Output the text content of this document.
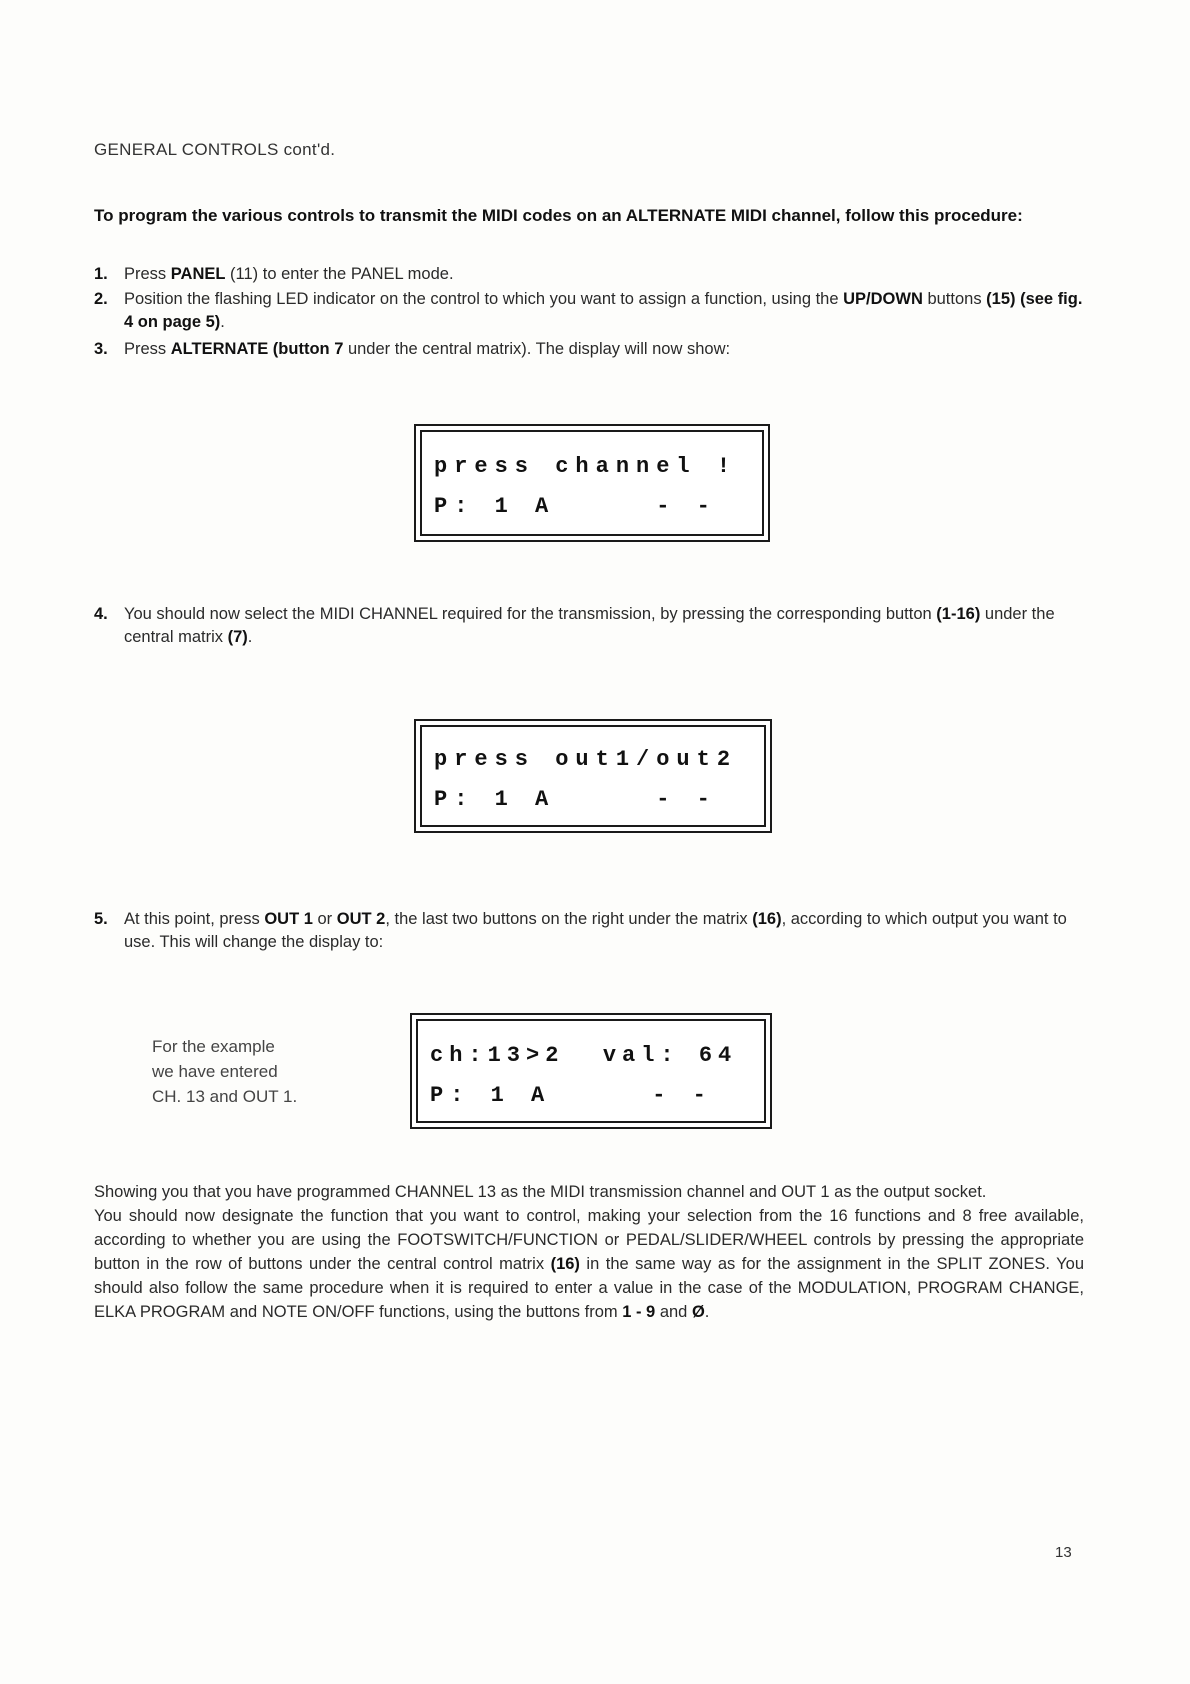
GENERAL CONTROLS cont'd.
To program the various controls to transmit the MIDI codes on an ALTERNATE MIDI channel, follow this procedure:
1. Press PANEL (11) to enter the PANEL mode.
2. Position the flashing LED indicator on the control to which you want to assign a function, using the UP/DOWN buttons (15) (see fig. 4 on page 5).
3. Press ALTERNATE (button 7 under the central matrix). The display will now show:
press channel !
P: 1 A     - -
4. You should now select the MIDI CHANNEL required for the transmission, by pressing the corresponding button (1-16) under the central matrix (7).
press out1/out2
P: 1 A     - -
5. At this point, press OUT 1 or OUT 2, the last two buttons on the right under the matrix (16), according to which output you want to use. This will change the display to:
For the example
we have entered
CH. 13 and OUT 1.
ch:13>2  val: 64
P: 1 A     - -
Showing you that you have programmed CHANNEL 13 as the MIDI transmission channel and OUT 1 as the output socket.
You should now designate the function that you want to control, making your selection from the 16 functions and 8 free available, according to whether you are using the FOOTSWITCH/FUNCTION or PEDAL/SLIDER/WHEEL controls by pressing the appropriate button in the row of buttons under the central control matrix (16) in the same way as for the assignment in the SPLIT ZONES. You should also follow the same procedure when it is required to enter a value in the case of the MODULATION, PROGRAM CHANGE, ELKA PROGRAM and NOTE ON/OFF functions, using the buttons from 1 - 9 and Ø.
13
